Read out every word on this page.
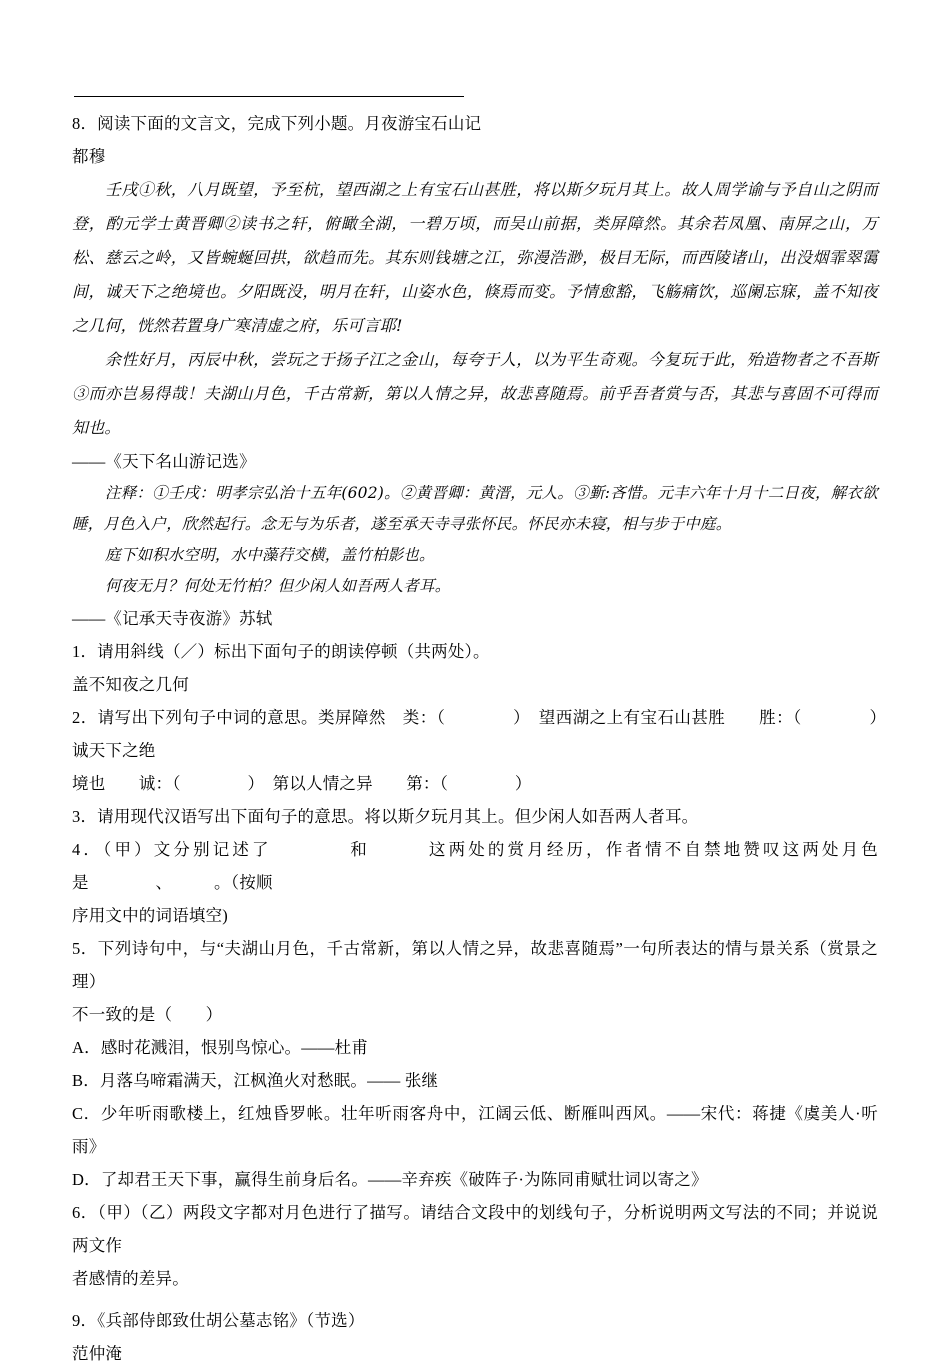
8．阅读下面的文言文，完成下列小题。月夜游宝石山记

都穆

壬戌①秋，八月既望，予至杭，望西湖之上有宝石山甚胜，将以斯夕玩月其上。故人周学谕与予自山之阴而登，酌元学士黄晋卿②读书之轩，俯瞰全湖，一碧万顷，而吴山前据，类屏障然。其余若凤凰、南屏之山，万松、慈云之岭，又皆蜿蜒回拱，欲趋而先。其东则钱塘之江，弥漫浩渺，极目无际，而西陵诸山，出没烟霏翠霭间，诚天下之绝境也。夕阳既没，明月在轩，山姿水色，倏焉而变。予情愈豁，飞觞痛饮，巡阑忘寐，盖不知夜之几何，恍然若置身广寒清虚之府，乐可言耶!

余性好月，丙辰中秋，尝玩之于扬子江之金山，每夸于人，以为平生奇观。今复玩于此，殆造物者之不吾斯③而亦岂易得哉！夫湖山月色，千古常新，第以人情之异，故悲喜随焉。前乎吾者赏与否，其悲与喜固不可得而知也。

——《天下名山游记选》

注释：①壬戌：明孝宗弘治十五年(602)。②黄晋卿：黄溍，元人。③斳:吝惜。元丰六年十月十二日夜，解衣欲睡，月色入户，欣然起行。念无与为乐者，遂至承天寺寻张怀民。怀民亦未寝，相与步于中庭。

庭下如积水空明，水中藻荇交横，盖竹柏影也。

何夜无月？何处无竹柏？但少闲人如吾两人者耳。

——《记承天寺夜游》苏轼

1．请用斜线（／）标出下面句子的朗读停顿（共两处）。

盖不知夜之几何

2．请写出下列句子中词的意思。类屏障然　类：（　　　　）　望西湖之上有宝石山甚胜　　胜：（　　　　）　诚天下之绝

境也　　诚：（　　　　）　第以人情之异　　第：（　　　　）

3．请用现代汉语写出下面句子的意思。将以斯夕玩月其上。但少闲人如吾两人者耳。

4．（甲）文分别记述了　　　　和　　　这两处的赏月经历，作者情不自禁地赞叹这两处月色是　　　　、　　　。（按顺

序用文中的词语填空)

5．下列诗句中，与“夫湖山月色，千古常新，第以人情之异，故悲喜随焉”一句所表达的情与景关系（赏景之理）

不一致的是（　　）

A．感时花溅泪，恨别鸟惊心。——杜甫

B．月落乌啼霜满天，江枫渔火对愁眠。—— 张继

C．少年听雨歌楼上，红烛昏罗帐。壮年听雨客舟中，江阔云低、断雁叫西风。——宋代：蒋捷《虞美人·听雨》

D．了却君王天下事，赢得生前身后名。——辛弃疾《破阵子·为陈同甫赋壮词以寄之》

6．（甲）（乙）两段文字都对月色进行了描写。请结合文段中的划线句子，分析说明两文写法的不同；并说说两文作

者感情的差异。

9．《兵部侍郎致仕胡公墓志铭》（节选）

范仲淹
